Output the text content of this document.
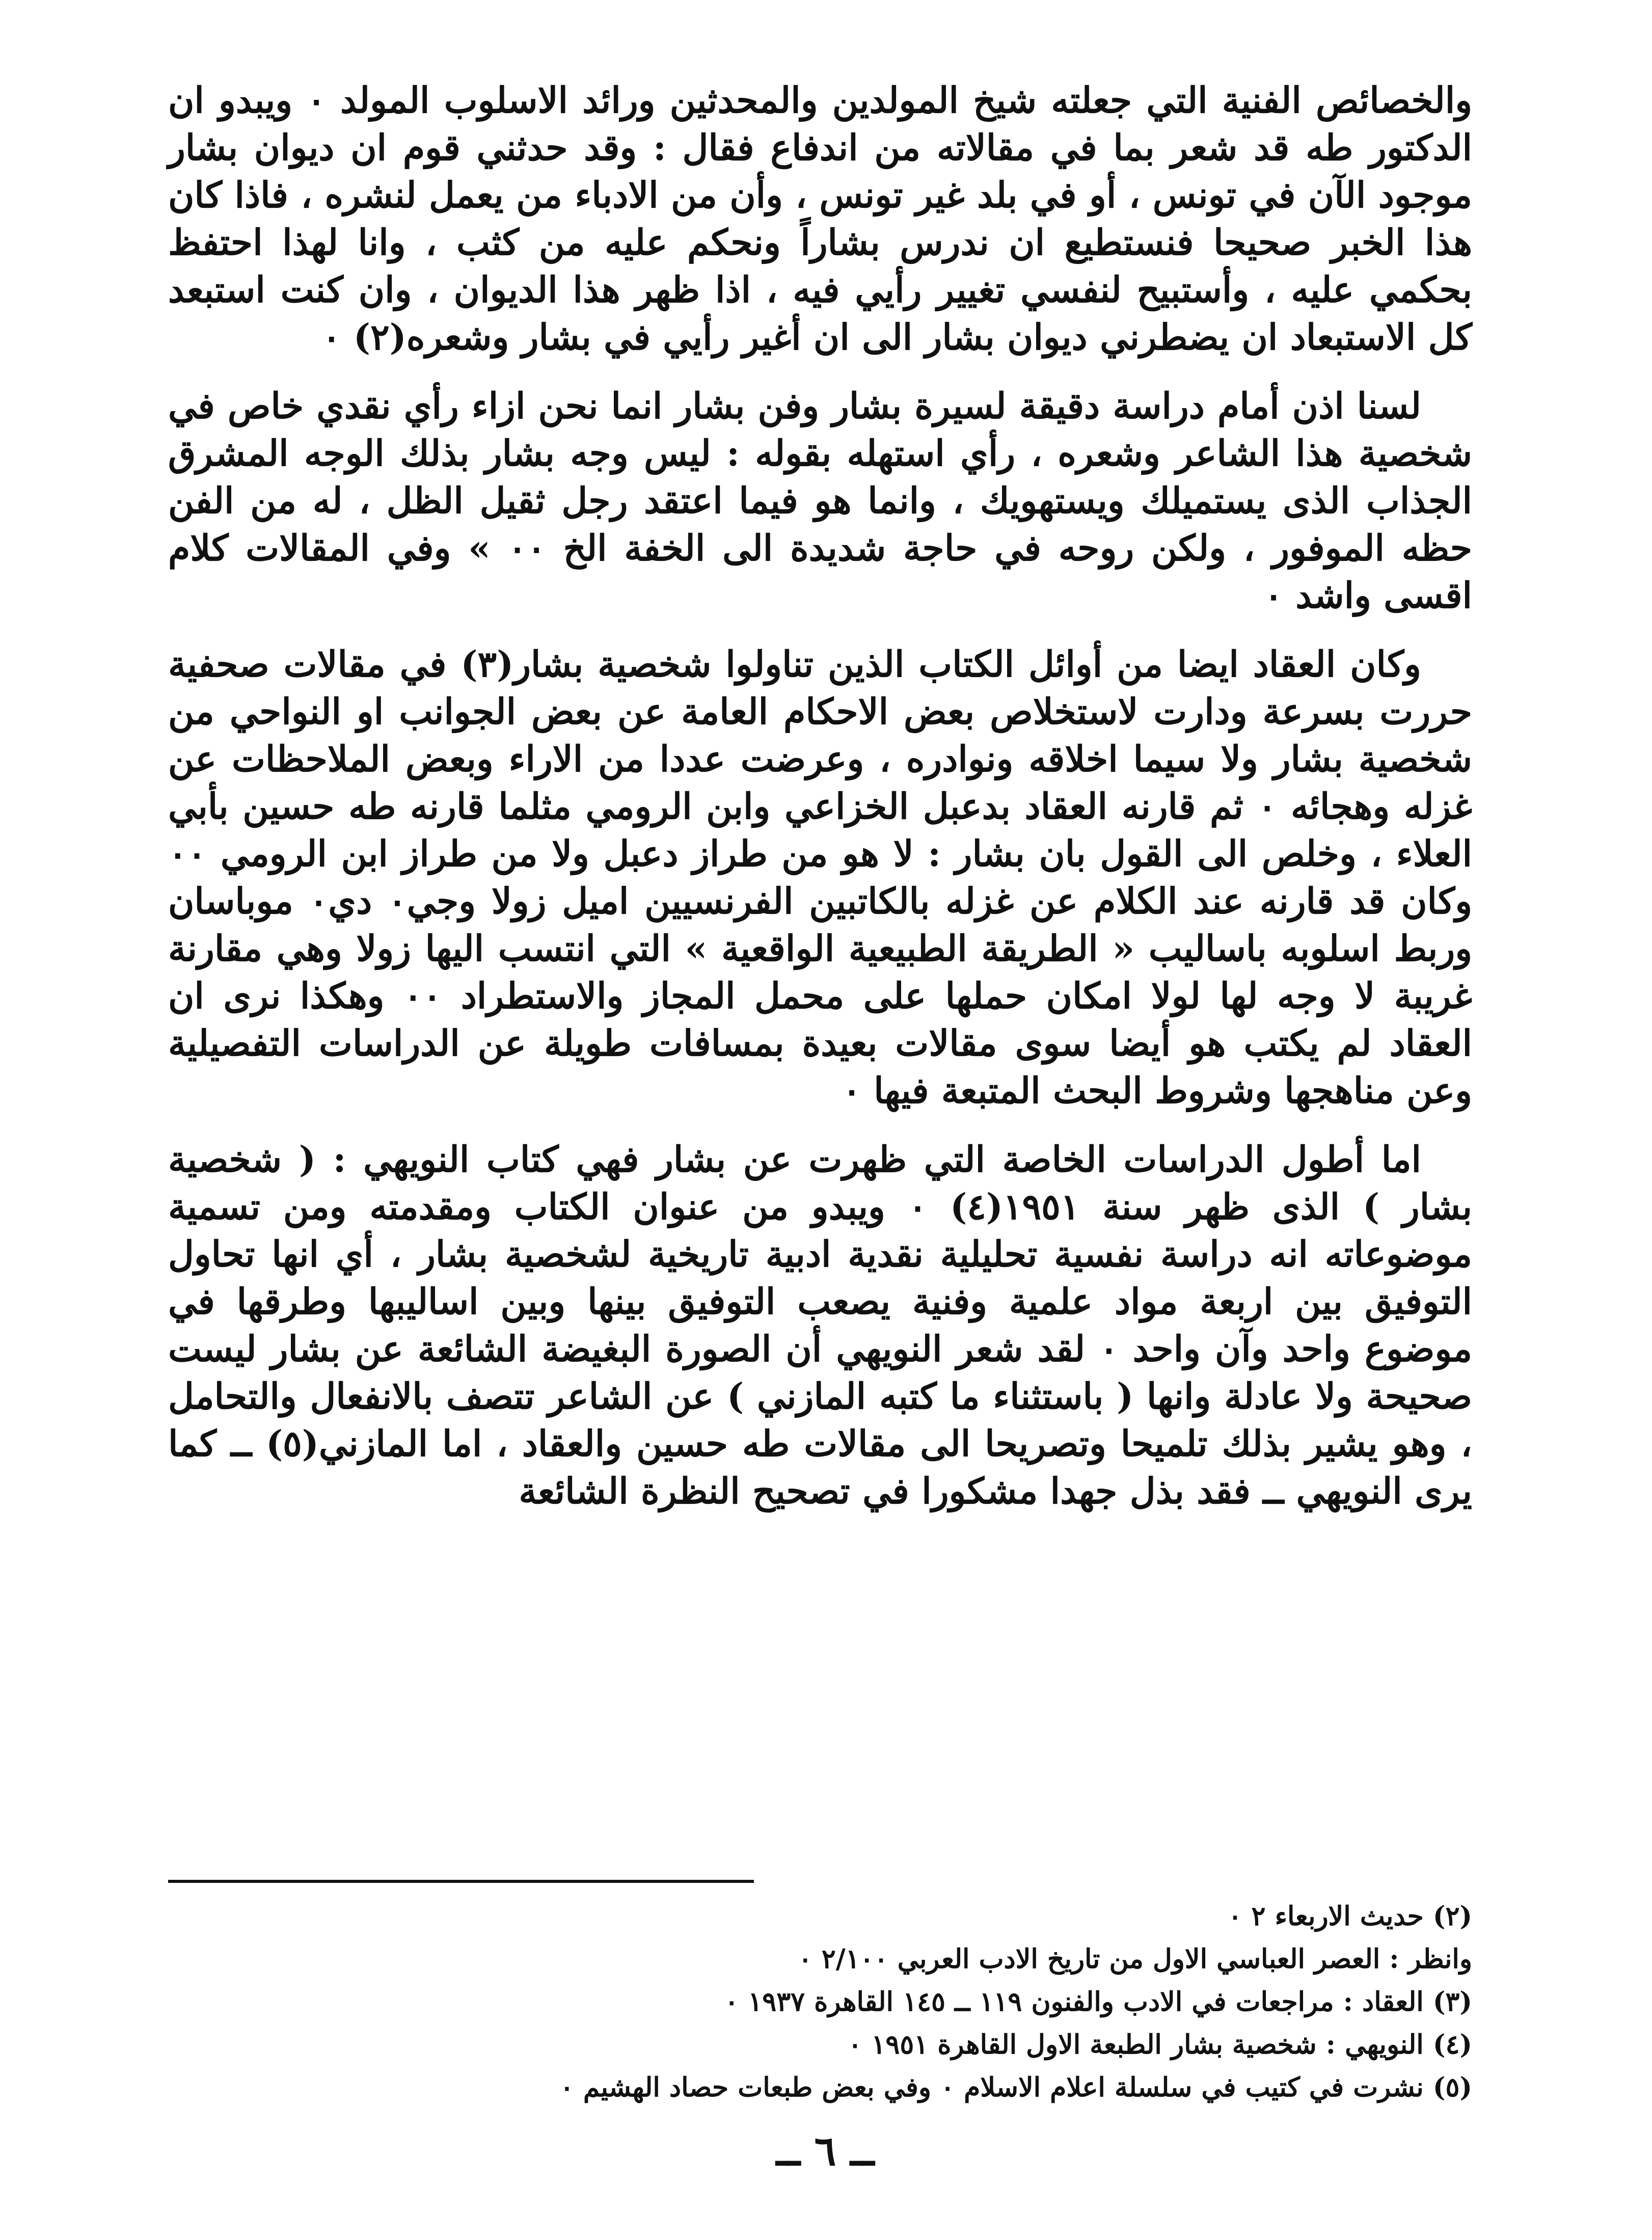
والخصائص الفنية التي جعلته شيخ المولدين والمحدثين ورائد الاسلوب المولد ٠ ويبدو ان الدكتور طه قد شعر بما في مقالاته من اندفاع فقال : وقد حدثني قوم ان ديوان بشار موجود الآن في تونس ، أو في بلد غير تونس ، وأن من الادباء من يعمل لنشره ، فاذا كان هذا الخبر صحيحا فنستطيع ان ندرس بشاراً ونحكم عليه من كثب ، وانا لهذا احتفظ بحكمي عليه ، وأستبيح لنفسي تغيير رأيي فيه ، اذا ظهر هذا الديوان ، وان كنت استبعد كل الاستبعاد ان يضطرني ديوان بشار الى ان أغير رأيي في بشار وشعره(٢) ٠

لسنا اذن أمام دراسة دقيقة لسيرة بشار وفن بشار انما نحن ازاء رأي نقدي خاص في شخصية هذا الشاعر وشعره ، رأي استهله بقوله : ليس وجه بشار بذلك الوجه المشرق الجذاب الذى يستميلك ويستهويك ، وانما هو فيما اعتقد رجل ثقيل الظل ، له من الفن حظه الموفور ، ولكن روحه في حاجة شديدة الى الخفة الخ ٠٠ » وفي المقالات كلام اقسى واشد ٠

وكان العقاد ايضا من أوائل الكتاب الذين تناولوا شخصية بشار(٣) في مقالات صحفية حررت بسرعة ودارت لاستخلاص بعض الاحكام العامة عن بعض الجوانب او النواحي من شخصية بشار ولا سيما اخلاقه ونوادره ، وعرضت عددا من الاراء وبعض الملاحظات عن غزله وهجائه ٠ ثم قارنه العقاد بدعبل الخزاعي وابن الرومي مثلما قارنه طه حسين بأبي العلاء ، وخلص الى القول بان بشار : لا هو من طراز دعبل ولا من طراز ابن الرومي ٠٠ وكان قد قارنه عند الكلام عن غزله بالكاتبين الفرنسيين اميل زولا وجي٠ دي٠ موباسان وربط اسلوبه باساليب « الطريقة الطبيعية الواقعية » التي انتسب اليها زولا وهي مقارنة غريبة لا وجه لها لولا امكان حملها على محمل المجاز والاستطراد ٠٠ وهكذا نرى ان العقاد لم يكتب هو أيضا سوى مقالات بعيدة بمسافات طويلة عن الدراسات التفصيلية وعن مناهجها وشروط البحث المتبعة فيها ٠

اما أطول الدراسات الخاصة التي ظهرت عن بشار فهي كتاب النويهي : ( شخصية بشار ) الذى ظهر سنة ١٩٥١(٤) ٠ ويبدو من عنوان الكتاب ومقدمته ومن تسمية موضوعاته انه دراسة نفسية تحليلية نقدية ادبية تاريخية لشخصية بشار ، أي انها تحاول التوفيق بين اربعة مواد علمية وفنية يصعب التوفيق بينها وبين اساليبها وطرقها في موضوع واحد وآن واحد ٠ لقد شعر النويهي أن الصورة البغيضة الشائعة عن بشار ليست صحيحة ولا عادلة وانها ( باستثناء ما كتبه المازني ) عن الشاعر تتصف بالانفعال والتحامل ، وهو يشير بذلك تلميحا وتصريحا الى مقالات طه حسين والعقاد ، اما المازني(٥) ــ كما يرى النويهي ــ فقد بذل جهدا مشكورا في تصحيح النظرة الشائعة

(٢) حديث الاربعاء ٢ ٠

وانظر : العصر العباسي الاول من تاريخ الادب العربي ٢/١٠٠ ٠

(٣) العقاد : مراجعات في الادب والفنون ١١٩ ــ ١٤٥ القاهرة ١٩٣٧ ٠

(٤) النويهي : شخصية بشار الطبعة الاول القاهرة ١٩٥١ ٠

(٥) نشرت في كتيب في سلسلة اعلام الاسلام ٠ وفي بعض طبعات حصاد الهشيم ٠

ــ ٦ ــ
